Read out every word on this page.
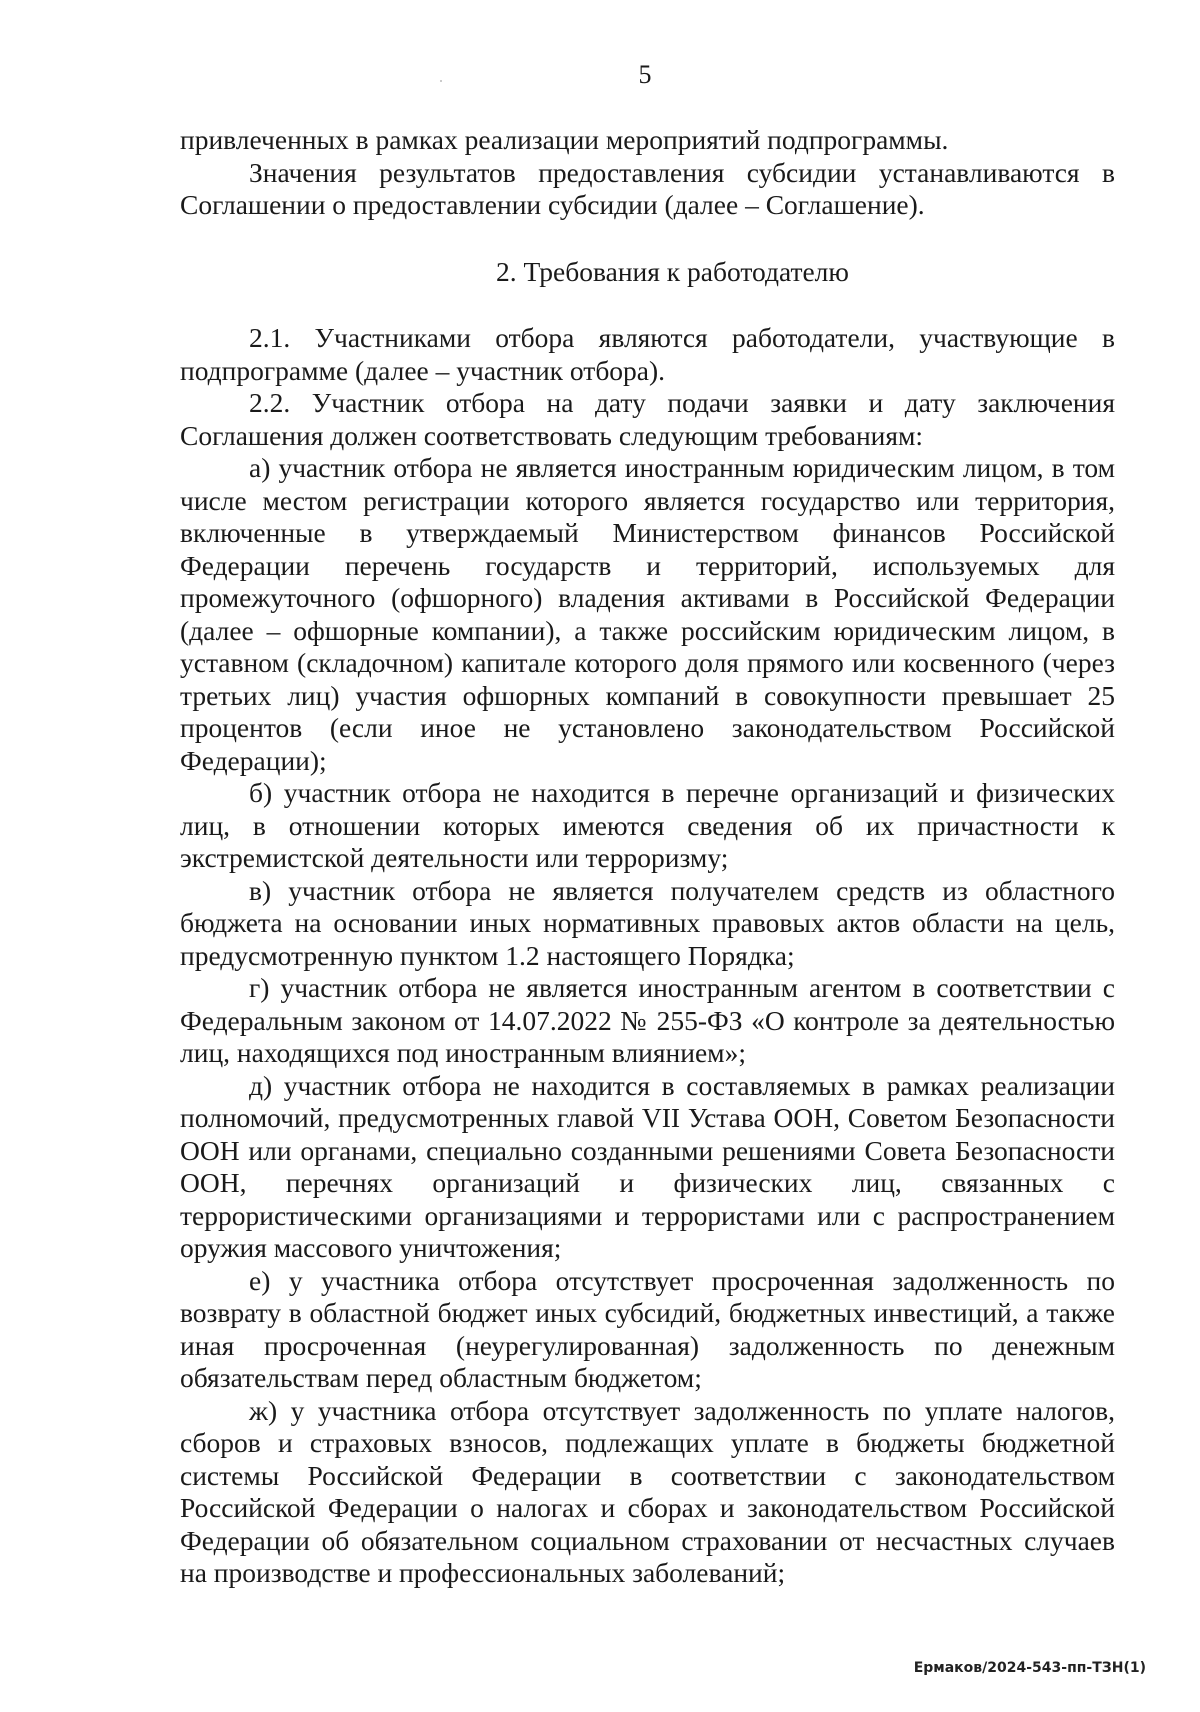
5

привлеченных в рамках реализации мероприятий подпрограммы.

Значения результатов предоставления субсидии устанавливаются в Соглашении о предоставлении субсидии (далее – Соглашение).

2. Требования к работодателю

2.1. Участниками отбора являются работодатели, участвующие в подпрограмме (далее – участник отбора).

2.2. Участник отбора на дату подачи заявки и дату заключения Соглашения должен соответствовать следующим требованиям:

а) участник отбора не является иностранным юридическим лицом, в том числе местом регистрации которого является государство или территория, включенные в утверждаемый Министерством финансов Российской Федерации перечень государств и территорий, используемых для промежуточного (офшорного) владения активами в Российской Федерации (далее – офшорные компании), а также российским юридическим лицом, в уставном (складочном) капитале которого доля прямого или косвенного (через третьих лиц) участия офшорных компаний в совокупности превышает 25 процентов (если иное не установлено законодательством Российской Федерации);

б) участник отбора не находится в перечне организаций и физических лиц, в отношении которых имеются сведения об их причастности к экстремистской деятельности или терроризму;

в) участник отбора не является получателем средств из областного бюджета на основании иных нормативных правовых актов области на цель, предусмотренную пунктом 1.2 настоящего Порядка;

г) участник отбора не является иностранным агентом в соответствии с Федеральным законом от 14.07.2022 № 255-ФЗ «О контроле за деятельностью лиц, находящихся под иностранным влиянием»;

д) участник отбора не находится в составляемых в рамках реализации полномочий, предусмотренных главой VII Устава ООН, Советом Безопасности ООН или органами, специально созданными решениями Совета Безопасности ООН, перечнях организаций и физических лиц, связанных с террористическими организациями и террористами или с распространением оружия массового уничтожения;

е) у участника отбора отсутствует просроченная задолженность по возврату в областной бюджет иных субсидий, бюджетных инвестиций, а также иная просроченная (неурегулированная) задолженность по денежным обязательствам перед областным бюджетом;

ж) у участника отбора отсутствует задолженность по уплате налогов, сборов и страховых взносов, подлежащих уплате в бюджеты бюджетной системы Российской Федерации в соответствии с законодательством Российской Федерации о налогах и сборах и законодательством Российской Федерации об обязательном социальном страховании от несчастных случаев на производстве и профессиональных заболеваний;

Ермаков/2024-543-пп-ТЗН(1)
